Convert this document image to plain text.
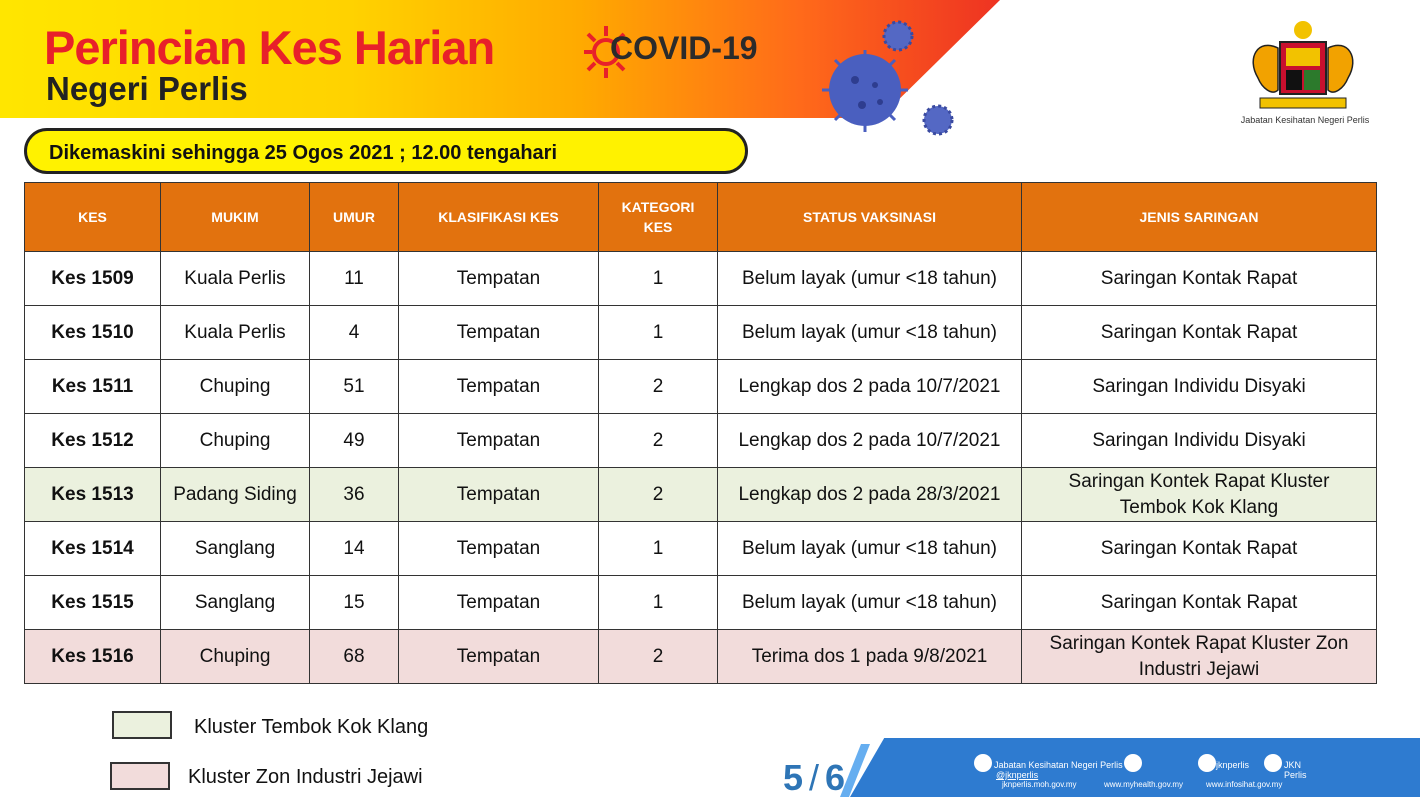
Perincian Kes Harian
Negeri Perlis
COVID-19
Jabatan Kesihatan Negeri Perlis
Dikemaskini sehingga 25 Ogos 2021 ; 12.00 tengahari
KES	MUKIM	UMUR	KLASIFIKASI KES	KATEGORI KES	STATUS VAKSINASI	JENIS SARINGAN
Kes 1509	Kuala Perlis	11	Tempatan	1	Belum layak (umur <18 tahun)	Saringan Kontak Rapat
Kes 1510	Kuala Perlis	4	Tempatan	1	Belum layak (umur <18 tahun)	Saringan Kontak Rapat
Kes 1511	Chuping	51	Tempatan	2	Lengkap dos 2 pada 10/7/2021	Saringan Individu Disyaki
Kes 1512	Chuping	49	Tempatan	2	Lengkap dos 2 pada 10/7/2021	Saringan Individu Disyaki
Kes 1513	Padang Siding	36	Tempatan	2	Lengkap dos 2 pada 28/3/2021	Saringan Kontek Rapat Kluster Tembok Kok Klang
Kes 1514	Sanglang	14	Tempatan	1	Belum layak (umur <18 tahun)	Saringan Kontak Rapat
Kes 1515	Sanglang	15	Tempatan	1	Belum layak (umur <18 tahun)	Saringan Kontak Rapat
Kes 1516	Chuping	68	Tempatan	2	Terima dos 1 pada 9/8/2021	Saringan Kontek Rapat Kluster Zon Industri Jejawi
Kluster Tembok Kok Klang
Kluster Zon Industri Jejawi	5 / 6	Jabatan Kesihatan Negeri Perlis
@jknperlis
jknperlis	JKN Perlis
jknperlis.moh.gov.my	www.myhealth.gov.my	www.infosihat.gov.my
